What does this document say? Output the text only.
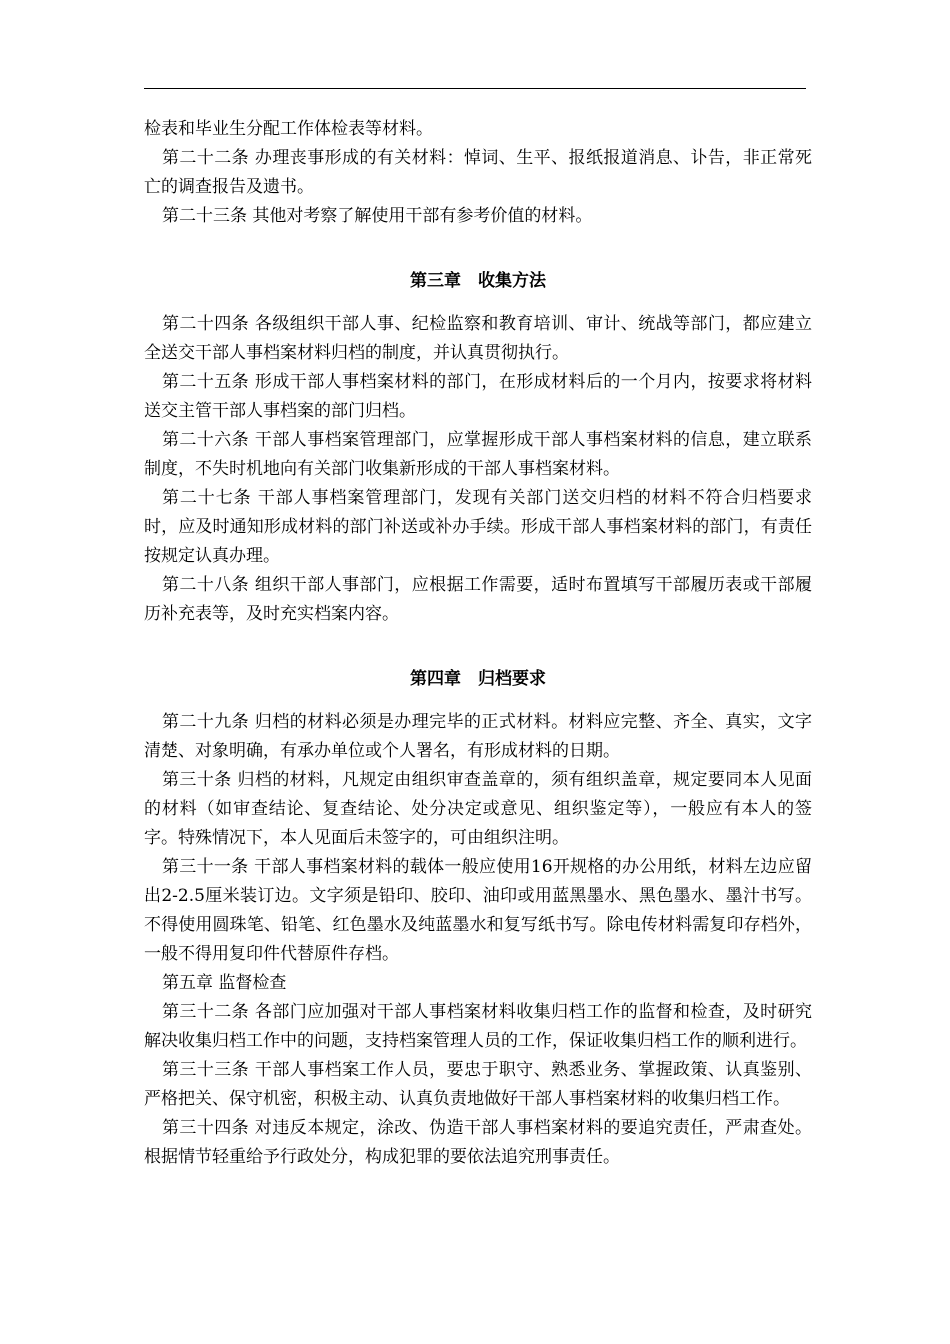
检表和毕业生分配工作体检表等材料。

第二十二条 办理丧事形成的有关材料：悼词、生平、报纸报道消息、讣告，非正常死亡的调查报告及遗书。

第二十三条 其他对考察了解使用干部有参考价值的材料。

第三章　收集方法

第二十四条 各级组织干部人事、纪检监察和教育培训、审计、统战等部门，都应建立全送交干部人事档案材料归档的制度，并认真贯彻执行。

第二十五条 形成干部人事档案材料的部门，在形成材料后的一个月内，按要求将材料送交主管干部人事档案的部门归档。

第二十六条 干部人事档案管理部门，应掌握形成干部人事档案材料的信息，建立联系制度，不失时机地向有关部门收集新形成的干部人事档案材料。

第二十七条 干部人事档案管理部门，发现有关部门送交归档的材料不符合归档要求时，应及时通知形成材料的部门补送或补办手续。形成干部人事档案材料的部门，有责任按规定认真办理。

第二十八条 组织干部人事部门，应根据工作需要，适时布置填写干部履历表或干部履历补充表等，及时充实档案内容。

第四章　归档要求

第二十九条 归档的材料必须是办理完毕的正式材料。材料应完整、齐全、真实，文字清楚、对象明确，有承办单位或个人署名，有形成材料的日期。

第三十条 归档的材料，凡规定由组织审查盖章的，须有组织盖章，规定要同本人见面的材料（如审查结论、复查结论、处分决定或意见、组织鉴定等），一般应有本人的签字。特殊情况下，本人见面后未签字的，可由组织注明。

第三十一条 干部人事档案材料的载体一般应使用16开规格的办公用纸，材料左边应留出2-2.5厘米装订边。文字须是铅印、胶印、油印或用蓝黑墨水、黑色墨水、墨汁书写。不得使用圆珠笔、铅笔、红色墨水及纯蓝墨水和复写纸书写。除电传材料需复印存档外，一般不得用复印件代替原件存档。

第五章 监督检查

第三十二条 各部门应加强对干部人事档案材料收集归档工作的监督和检查，及时研究解决收集归档工作中的问题，支持档案管理人员的工作，保证收集归档工作的顺利进行。

第三十三条 干部人事档案工作人员，要忠于职守、熟悉业务、掌握政策、认真鉴别、严格把关、保守机密，积极主动、认真负责地做好干部人事档案材料的收集归档工作。

第三十四条 对违反本规定，涂改、伪造干部人事档案材料的要追究责任，严肃查处。根据情节轻重给予行政处分，构成犯罪的要依法追究刑事责任。
